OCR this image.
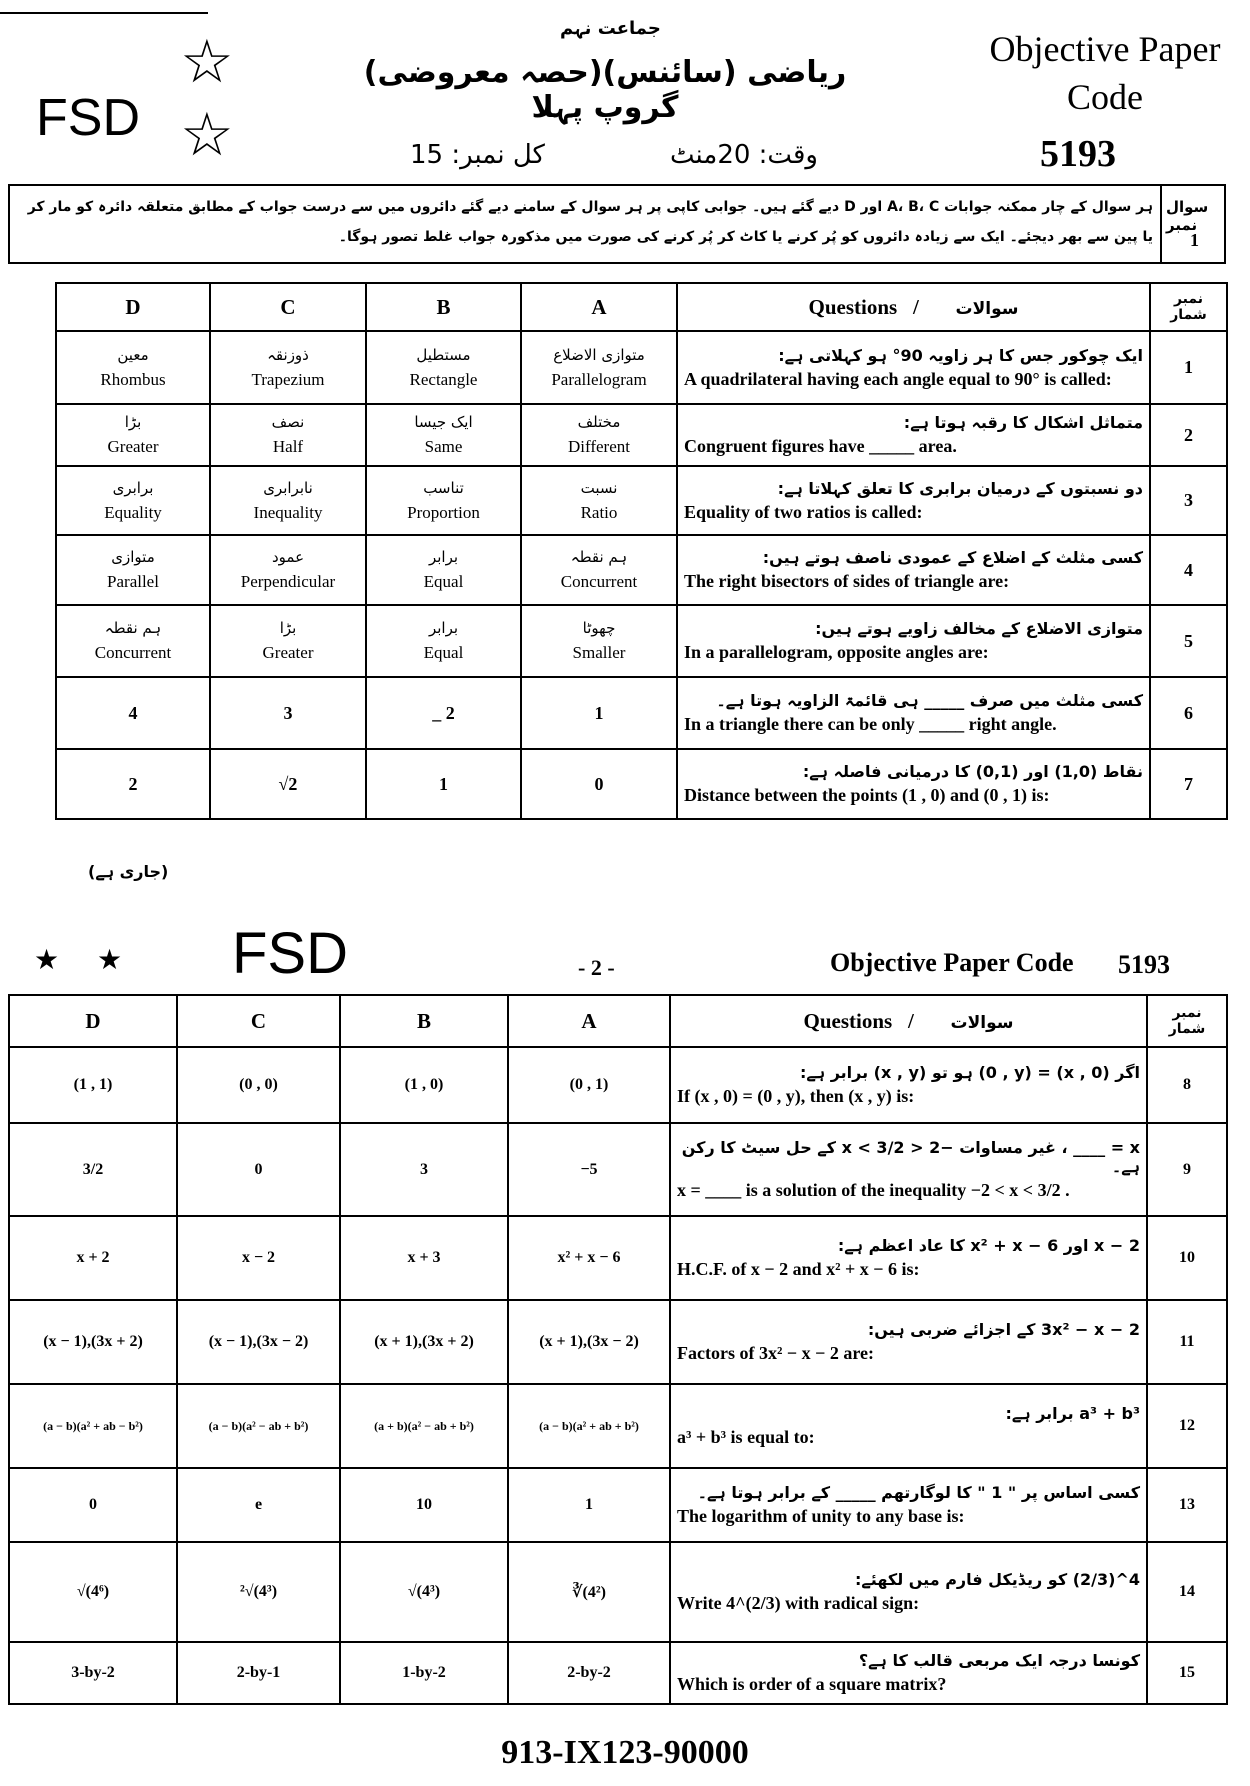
☆
☆
FSD
جماعت نہم
ریاضی (سائنس)(حصہ معروضی) گروپ پہلا
Objective Paper
Code
5193
وقت: 20منٹ
کل نمبر: 15
ہر سوال کے چار ممکنہ جوابات A، B، C اور D دیے گئے ہیں۔ جوابی کاپی پر ہر سوال کے سامنے دیے گئے دائروں میں سے درست جواب کے مطابق متعلقہ دائرہ کو مار کر یا پین سے بھر دیجئے۔ ایک سے زیادہ دائروں کو پُر کرنے یا کاٹ کر پُر کرنے کی صورت میں مذکورہ جواب غلط تصور ہوگا۔
سوال نمبر
1
D	C	B	A	Questions / سوالات	نمبر شمار

معین
Rhombus	ذوزنقہ
Trapezium	مستطیل
Rectangle	متوازی الاضلاع
Parallelogram	ایک چوکور جس کا ہر زاویہ 90° ہو کہلاتی ہے:
A quadrilateral having each angle equal to 90° is called:	1

بڑا
Greater	نصف
Half	ایک جیسا
Same	مختلف
Different	متماثل اشکال کا رقبہ ہوتا ہے:
Congruent figures have _____ area.	2

برابری
Equality	نابرابری
Inequality	تناسب
Proportion	نسبت
Ratio	دو نسبتوں کے درمیان برابری کا تعلق کہلاتا ہے:
Equality of two ratios is called:	3

متوازی
Parallel	عمود
Perpendicular	برابر
Equal	ہم نقطہ
Concurrent	کسی مثلث کے اضلاع کے عمودی ناصف ہوتے ہیں:
The right bisectors of sides of triangle are:	4

ہم نقطہ
Concurrent	بڑا
Greater	برابر
Equal	چھوٹا
Smaller	متوازی الاضلاع کے مخالف زاویے ہوتے ہیں:
In a parallelogram, opposite angles are:	5
4	3	_ 2	1	کسی مثلث میں صرف _____ ہی قائمۃ الزاویہ ہوتا ہے۔
In a triangle there can be only _____ right angle.	6
2	√2	1	0	نقاط (1,0) اور (0,1) کا درمیانی فاصلہ ہے:
Distance between the points (1 , 0) and (0 , 1) is:	7
(جاری ہے)
★ ★ FSD	- 2 -	Objective Paper Code 5193
D	C	B	A	Questions / سوالات	نمبر شمار
(1 , 1)	(0 , 0)	(1 , 0)	(0 , 1)	اگر (x , 0) = (0 , y) ہو تو (x , y) برابر ہے:
If (x , 0) = (0 , y), then (x , y) is:	8
3/2	0	3	−5	x = ____ ، غیر مساوات −2 < x < 3/2 کے حل سیٹ کا رکن ہے۔
x = ____ is a solution of the inequality −2 < x < 3/2 .	9
x + 2	x − 2	x + 3	x² + x − 6	x − 2 اور x² + x − 6 کا عاد اعظم ہے:
H.C.F. of x − 2 and x² + x − 6 is:	10
(x − 1),(3x + 2)	(x − 1),(3x − 2)	(x + 1),(3x + 2)	(x + 1),(3x − 2)	3x² − x − 2 کے اجزائے ضربی ہیں:
Factors of 3x² − x − 2 are:	11
(a − b)(a² + ab − b²)	(a − b)(a² − ab + b²)	(a + b)(a² − ab + b²)	(a − b)(a² + ab + b²)	a³ + b³ برابر ہے:
a³ + b³ is equal to:	12
0	e	10	1	کسی اساس پر " 1 " کا لوگارتھم _____ کے برابر ہوتا ہے۔
The logarithm of unity to any base is:	13
√(4⁶)	²√(4³)	√(4³)	∛(4²)	4^(2/3) کو ریڈیکل فارم میں لکھئے:
Write 4^(2/3) with radical sign:	14
3-by-2	2-by-1	1-by-2	2-by-2	کونسا درجہ ایک مربعی قالب کا ہے؟
Which is order of a square matrix?	15
913-IX123-90000
